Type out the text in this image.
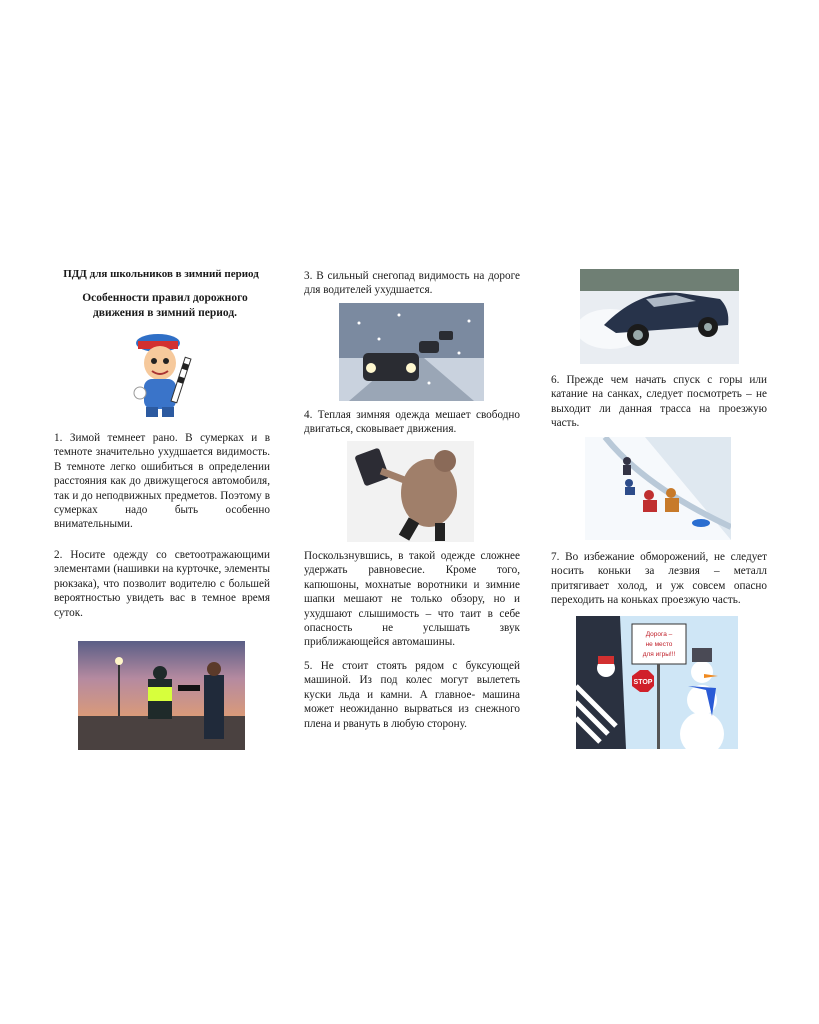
ПДД для школьников в зимний период
Особенности правил дорожного движения в зимний период.
1. Зимой темнеет рано. В сумерках и в темноте значительно ухудшается видимость. В темноте легко ошибиться в определении расстояния как до движущегося автомобиля, так и до неподвижных предметов. Поэтому в сумерках надо быть особенно внимательными.
2. Носите одежду со светоотражающими элементами (нашивки на курточке, элементы рюкзака), что позволит водителю с большей вероятностью увидеть вас в темное время суток.
3. В сильный снегопад видимость на дороге для водителей ухудшается.
4. Теплая зимняя одежда мешает свободно двигаться, сковывает движения.
Поскользнувшись, в такой одежде сложнее удержать равновесие. Кроме того, капюшоны, мохнатые воротники и зимние шапки мешают не только обзору, но и ухудшают слышимость – что таит в себе опасность не услышать звук приближающейся автомашины.
5. Не стоит стоять рядом с буксующей машиной. Из под колес могут вылететь куски льда и камни. А главное- машина может неожиданно вырваться из снежного плена и рвануть в любую сторону.
6. Прежде чем начать спуск с горы или катание на санках, следует посмотреть – не выходит ли данная трасса на проезжую часть.
7. Во избежание обморожений, не следует носить коньки за лезвия – металл притягивает холод, и уж совсем опасно переходить на коньках проезжую часть.
Дорога –
не место
для игры!!!
STOP
